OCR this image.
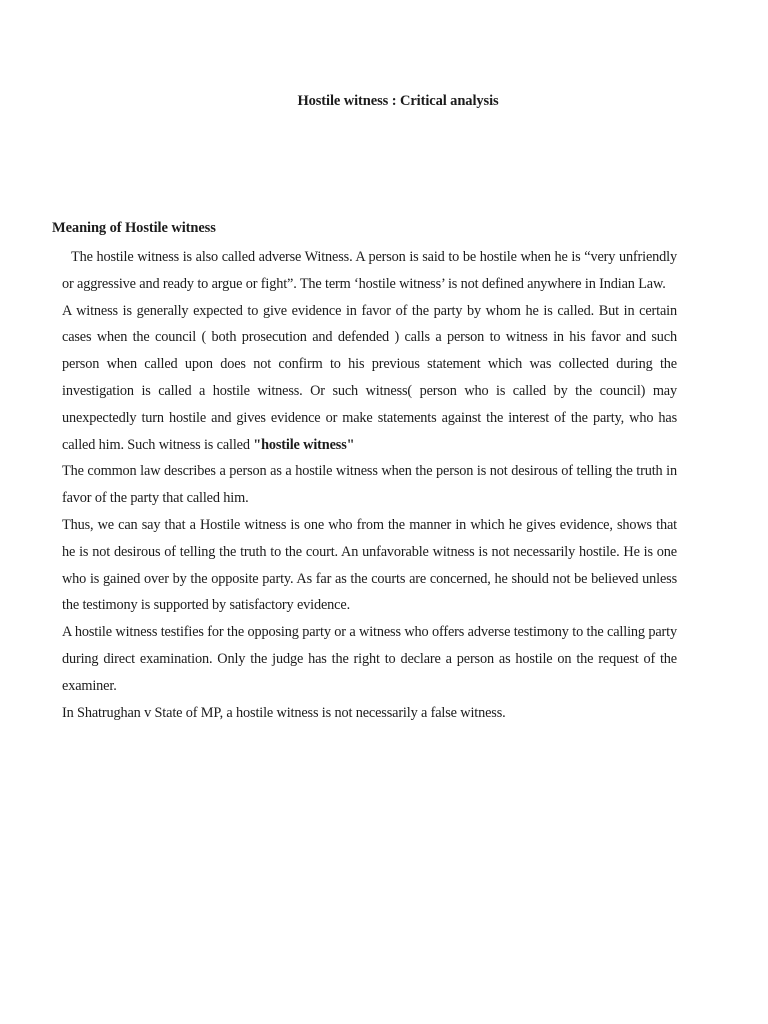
Hostile witness : Critical analysis
Meaning of Hostile witness

The hostile witness is also called adverse Witness. A person is said to be hostile when he is “very unfriendly or aggressive and ready to argue or fight”. The term ‘hostile witness’ is not defined anywhere in Indian Law.

A witness is generally expected to give evidence in favor of the party by whom he is called. But in certain cases when the council ( both prosecution and defended ) calls a person to witness in his favor and such person when called upon does not confirm to his previous statement which was collected during the investigation is called a hostile witness. Or such witness( person who is called by the council) may unexpectedly turn hostile and gives evidence or make statements against the interest of the party, who has called him. Such witness is called "hostile witness"

The common law describes a person as a hostile witness when the person is not desirous of telling the truth in favor of the party that called him.

Thus, we can say that a Hostile witness is one who from the manner in which he gives evidence, shows that he is not desirous of telling the truth to the court. An unfavorable witness is not necessarily hostile. He is one who is gained over by the opposite party. As far as the courts are concerned, he should not be believed unless the testimony is supported by satisfactory evidence.

A hostile witness testifies for the opposing party or a witness who offers adverse testimony to the calling party during direct examination. Only the judge has the right to declare a person as hostile on the request of the examiner.

In Shatrughan v State of MP, a hostile witness is not necessarily a false witness.
